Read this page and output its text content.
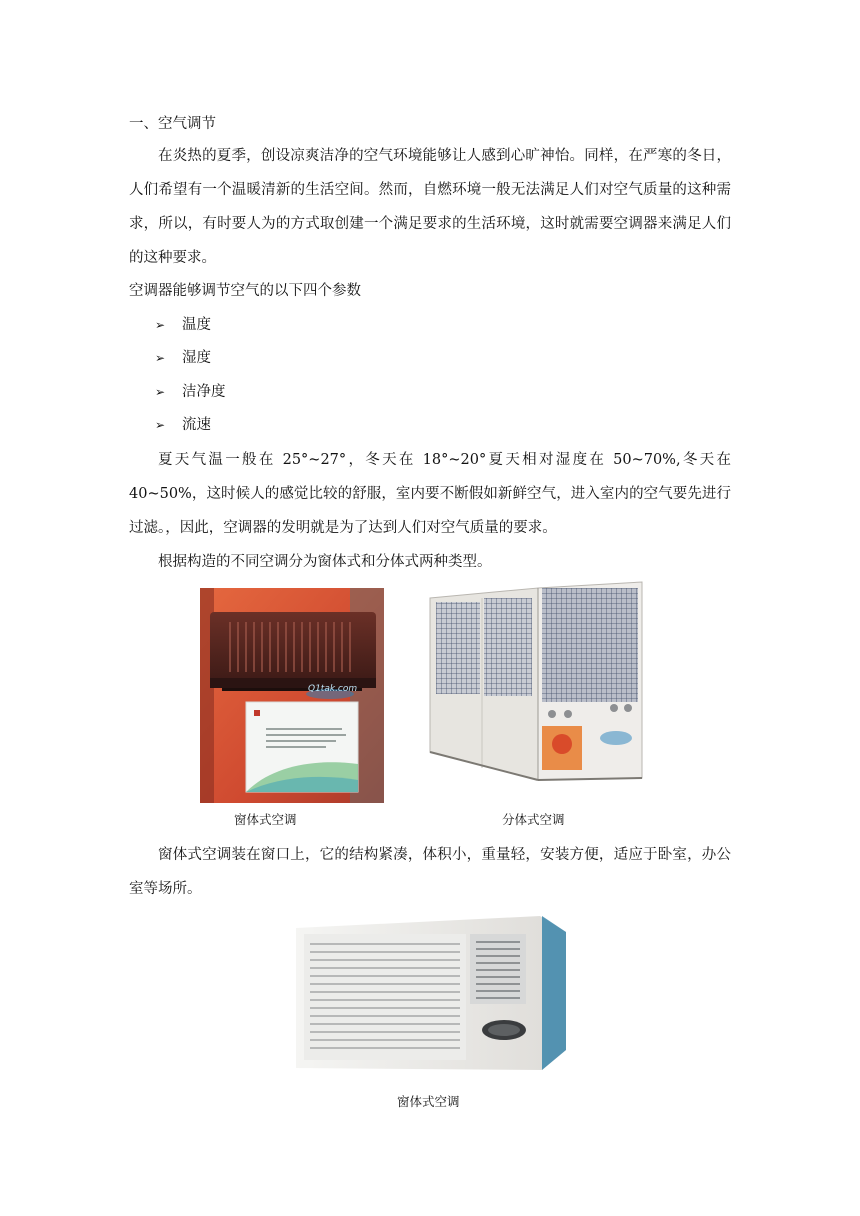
一、空气调节
在炎热的夏季，创设凉爽洁净的空气环境能够让人感到心旷神怡。同样，在严寒的冬日，人们希望有一个温暖清新的生活空间。然而，自燃环境一般无法满足人们对空气质量的这种需求，所以，有时要人为的方式取创建一个满足要求的生活环境，这时就需要空调器来满足人们的这种要求。
空调器能够调节空气的以下四个参数
➢ 温度
➢ 湿度
➢ 洁净度
➢ 流速
夏天气温一般在 25°~27°，冬天在 18°~20°夏天相对湿度在 50~70%,冬天在 40~50%，这时候人的感觉比较的舒服，室内要不断假如新鲜空气，进入室内的空气要先进行过滤。，因此，空调器的发明就是为了达到人们对空气质量的要求。
根据构造的不同空调分为窗体式和分体式两种类型。
Q1tak.com
窗体式空调	分体式空调
窗体式空调装在窗口上，它的结构紧凑，体积小，重量轻，安装方便，适应于卧室，办公室等场所。
窗体式空调
